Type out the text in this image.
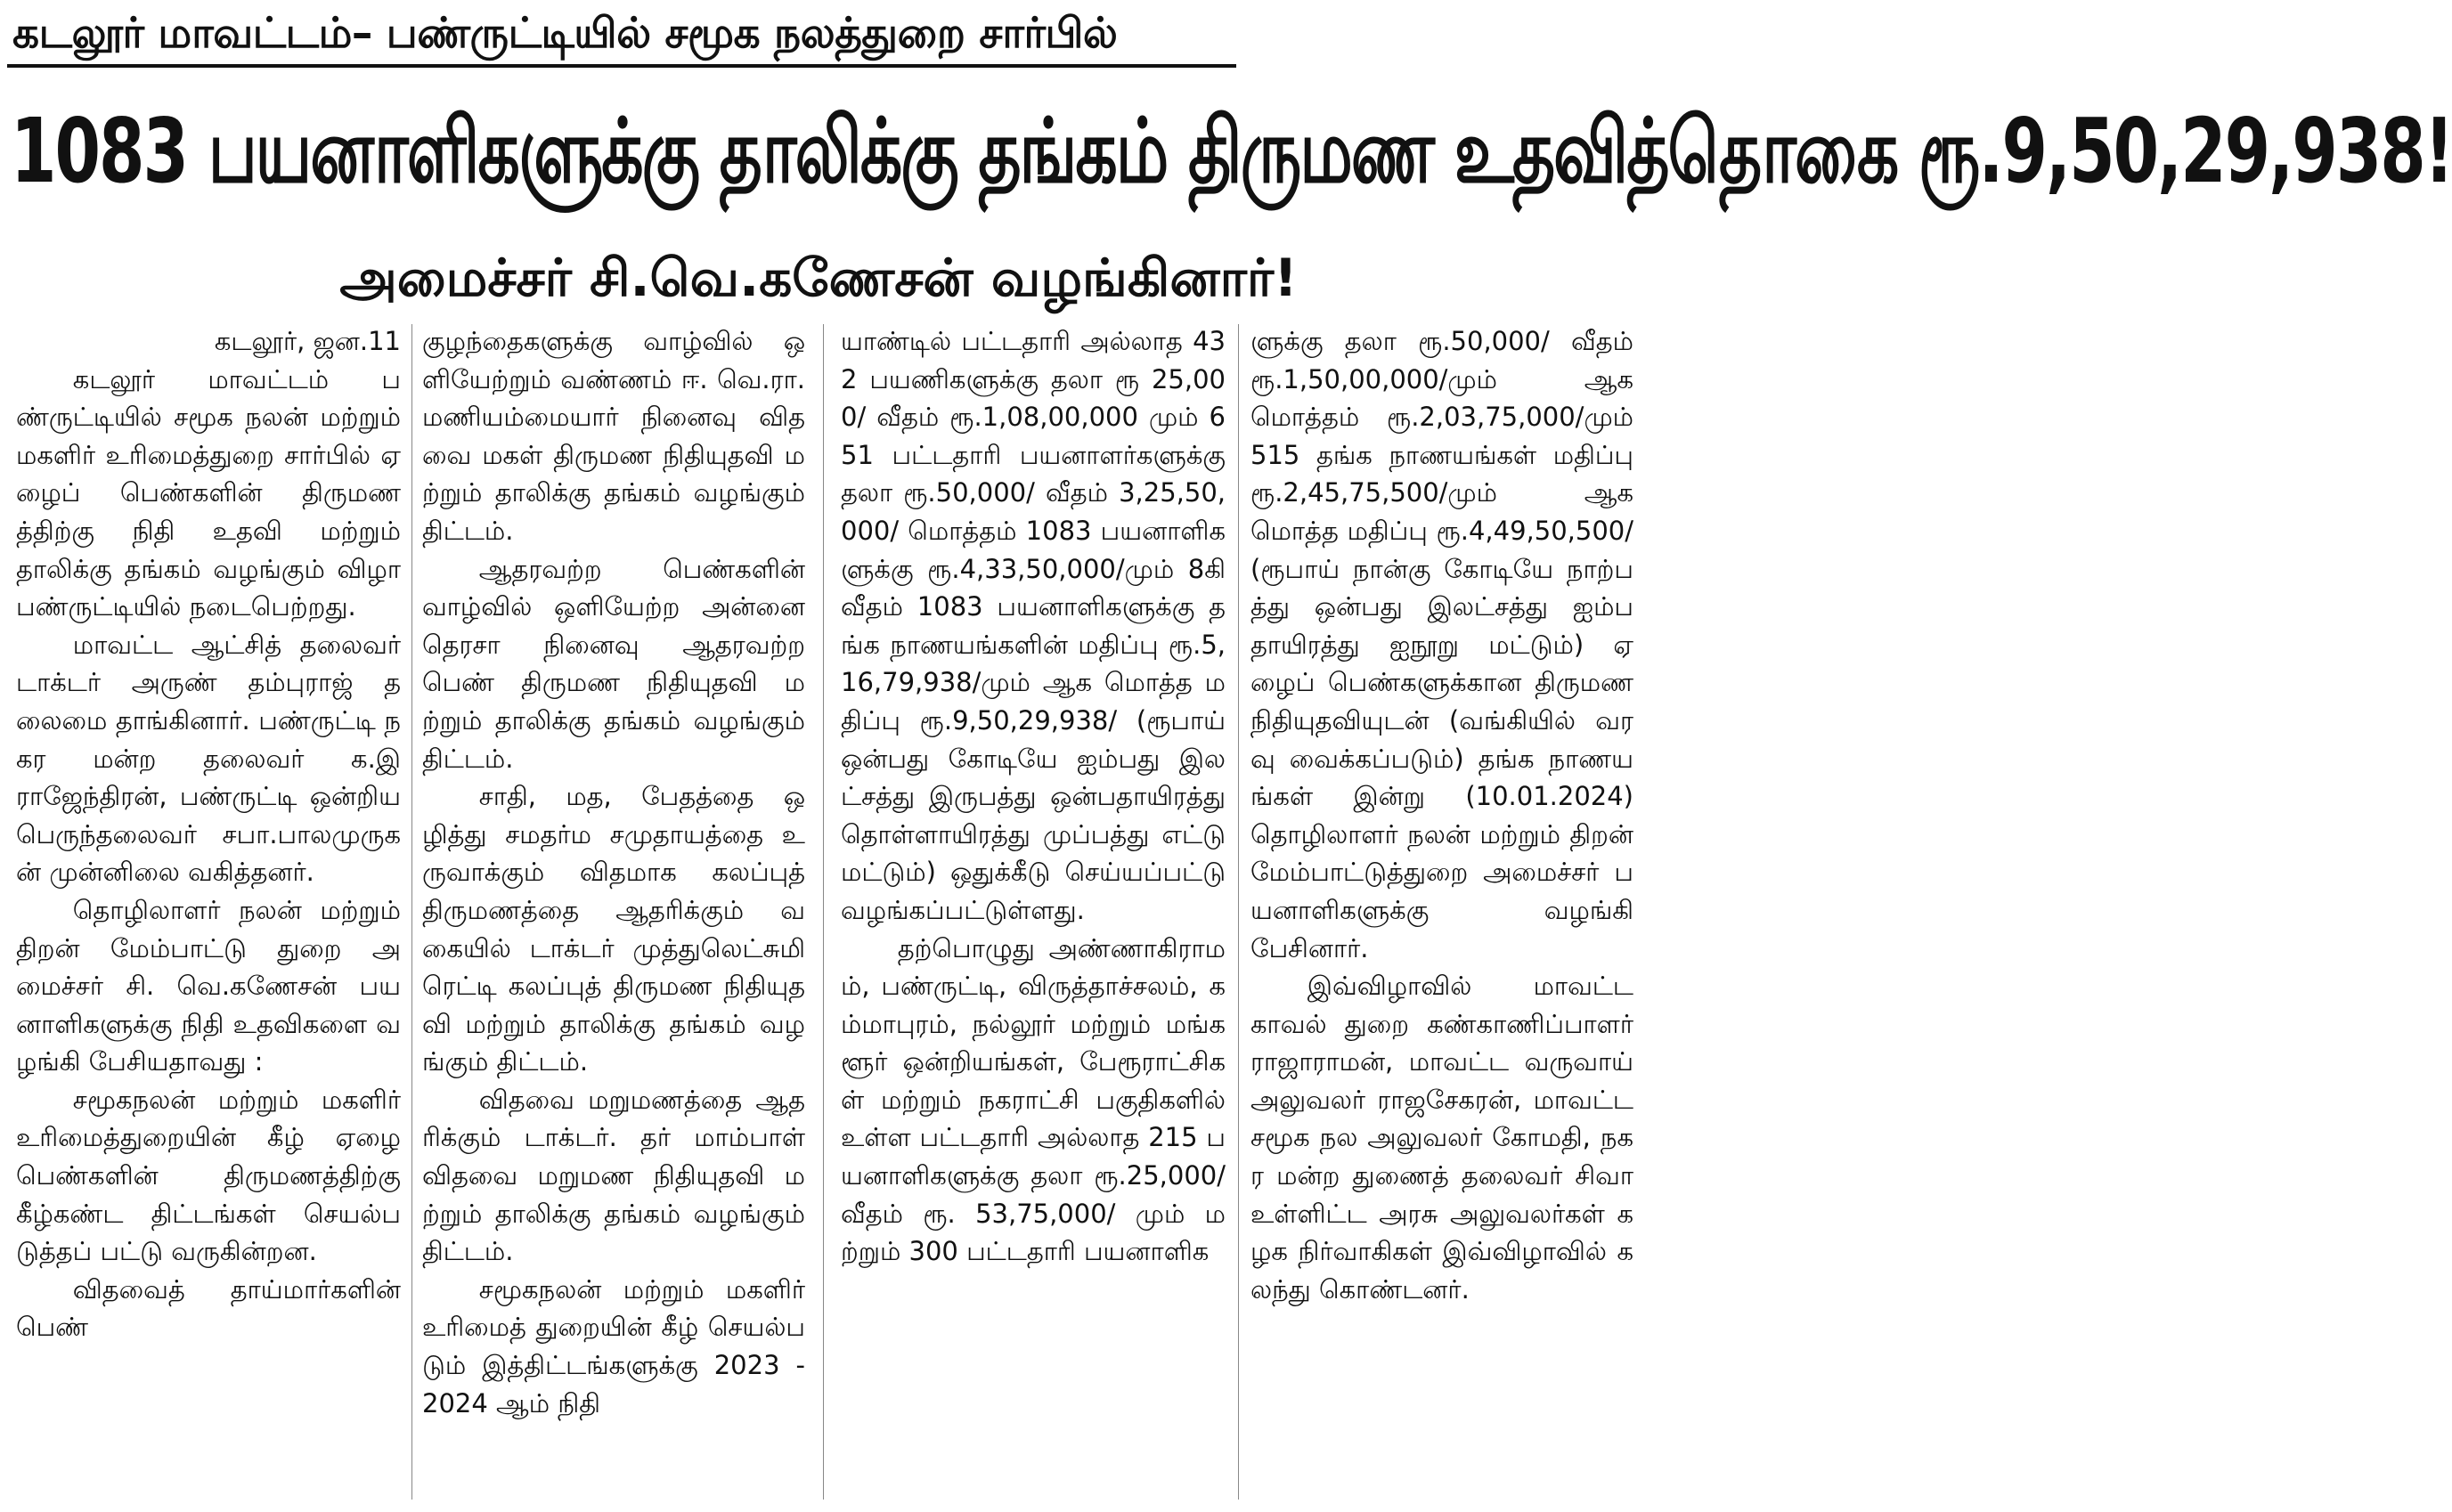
கடலூர் மாவட்டம்– பண்ருட்டியில் சமூக நலத்துறை சார்பில்
1083 பயனாளிகளுக்கு தாலிக்கு தங்கம் திருமண உதவித்தொகை ரூ.9,50,29,938!
அமைச்சர் சி.வெ.கணேசன் வழங்கினார்!

கடலூர், ஜன.11

கடலூர் மாவட்டம் பண்ருட்டியில் சமூக நலன் மற்றும் மகளிர் உரிமைத்துறை சார்பில் ஏழைப் பெண்களின் திருமணத்திற்கு நிதி உதவி மற்றும் தாலிக்கு தங்கம் வழங்கும் விழா பண்ருட்டியில் நடைபெற்றது.

மாவட்ட ஆட்சித் தலைவர் டாக்டர் அருண் தம்புராஜ் தலைமை தாங்கினார். பண்ருட்டி நகர மன்ற தலைவர் க.இ ராஜேந்திரன், பண்ருட்டி ஒன்றிய பெருந்தலைவர் சபா.பாலமுருகன் முன்னிலை வகித்தனர்.

தொழிலாளர் நலன் மற்றும் திறன் மேம்பாட்டு துறை அமைச்சர் சி. வெ.கணேசன் பயனாளிகளுக்கு நிதி உதவிகளை வழங்கி பேசியதாவது :

சமூகநலன் மற்றும் மகளிர் உரிமைத்துறையின் கீழ் ஏழை பெண்களின் திருமணத்திற்கு கீழ்கண்ட திட்டங்கள் செயல்படுத்தப் பட்டு வருகின்றன.

விதவைத் தாய்மார்களின் பெண்

குழந்தைகளுக்கு வாழ்வில் ஒளியேற்றும் வண்ணம் ஈ. வெ.ரா.மணியம்மையார் நினைவு விதவை மகள் திருமண நிதியுதவி மற்றும் தாலிக்கு தங்கம் வழங்கும் திட்டம்.

ஆதரவற்ற பெண்களின் வாழ்வில் ஒளியேற்ற அன்னை தெரசா நினைவு ஆதரவற்ற பெண் திருமண நிதியுதவி மற்றும் தாலிக்கு தங்கம் வழங்கும் திட்டம்.

சாதி, மத, பேதத்தை ஒழித்து சமதர்ம சமுதாயத்தை உருவாக்கும் விதமாக கலப்புத் திருமணத்தை ஆதரிக்கும் வகையில் டாக்டர் முத்துலெட்சுமி ரெட்டி கலப்புத் திருமண நிதியுதவி மற்றும் தாலிக்கு தங்கம் வழங்கும் திட்டம்.

விதவை மறுமணத்தை ஆதரிக்கும் டாக்டர். தர் மாம்பாள் விதவை மறுமண நிதியுதவி மற்றும் தாலிக்கு தங்கம் வழங்கும் திட்டம்.

சமூகநலன் மற்றும் மகளிர் உரிமைத் துறையின் கீழ் செயல்படும் இத்திட்டங்களுக்கு 2023 - 2024 ஆம் நிதி

யாண்டில் பட்டதாரி அல்லாத 432 பயணிகளுக்கு தலா ரூ 25,000/ வீதம் ரூ.1,08,00,000 மும் 651 பட்டதாரி பயனாளர்களுக்கு தலா ரூ.50,000/ வீதம் 3,25,50,000/ மொத்தம் 1083 பயனாளிகளுக்கு ரூ.4,33,50,000/மும் 8கி வீதம் 1083 பயனாளிகளுக்கு தங்க நாணயங்களின் மதிப்பு ரூ.5,16,79,938/மும் ஆக மொத்த மதிப்பு ரூ.9,50,29,938/ (ரூபாய் ஒன்பது கோடியே ஐம்பது இலட்சத்து இருபத்து ஒன்பதாயிரத்து தொள்ளாயிரத்து முப்பத்து எட்டு மட்டும்) ஒதுக்கீடு செய்யப்பட்டு வழங்கப்பட்டுள்ளது.

தற்பொழுது அண்ணாகிராமம், பண்ருட்டி, விருத்தாச்சலம், கம்மாபுரம், நல்லூர் மற்றும் மங்களூர் ஒன்றியங்கள், பேரூராட்சிகள் மற்றும் நகராட்சி பகுதிகளில் உள்ள பட்டதாரி அல்லாத 215 பயனாளிகளுக்கு தலா ரூ.25,000/ வீதம் ரூ. 53,75,000/ மும் மற்றும் 300 பட்டதாரி பயனாளிக

ளுக்கு தலா ரூ.50,000/ வீதம் ரூ.1,50,00,000/மும் ஆக மொத்தம் ரூ.2,03,75,000/மும் 515 தங்க நாணயங்கள் மதிப்பு ரூ.2,45,75,500/மும் ஆக மொத்த மதிப்பு ரூ.4,49,50,500/(ரூபாய் நான்கு கோடியே நாற்பத்து ஒன்பது இலட்சத்து ஐம்பதாயிரத்து ஐநூறு மட்டும்) ஏழைப் பெண்களுக்கான திருமண நிதியுதவியுடன் (வங்கியில் வரவு வைக்கப்படும்) தங்க நாணயங்கள் இன்று (10.01.2024) தொழிலாளர் நலன் மற்றும் திறன் மேம்பாட்டுத்துறை அமைச்சர் பயனாளிகளுக்கு வழங்கி பேசினார்.

இவ்விழாவில் மாவட்ட காவல் துறை கண்காணிப்பாளர் ராஜாராமன், மாவட்ட வருவாய் அலுவலர் ராஜசேகரன், மாவட்ட சமூக நல அலுவலர் கோமதி, நகர மன்ற துணைத் தலைவர் சிவா உள்ளிட்ட அரசு அலுவலர்கள் கழக நிர்வாகிகள் இவ்விழாவில் கலந்து கொண்டனர்.
